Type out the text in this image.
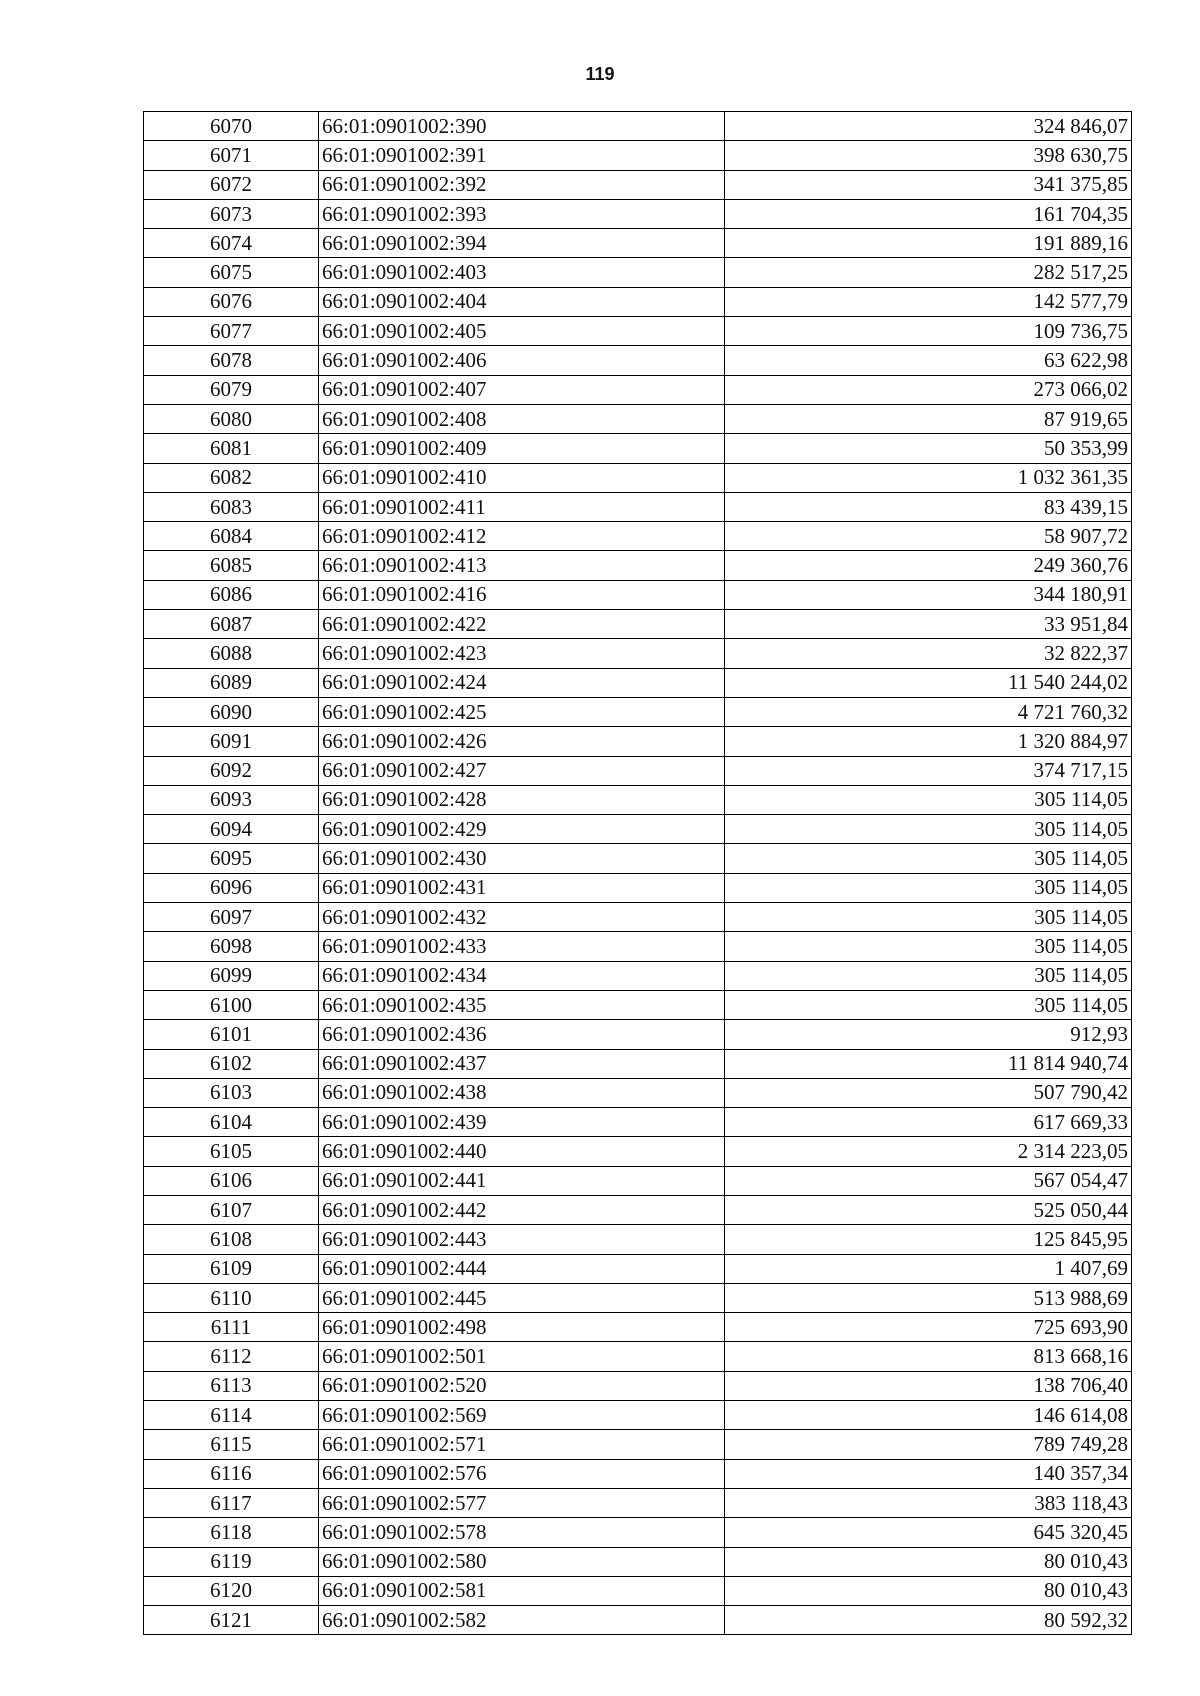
119
6070	66:01:0901002:390	324 846,07
6071	66:01:0901002:391	398 630,75
6072	66:01:0901002:392	341 375,85
6073	66:01:0901002:393	161 704,35
6074	66:01:0901002:394	191 889,16
6075	66:01:0901002:403	282 517,25
6076	66:01:0901002:404	142 577,79
6077	66:01:0901002:405	109 736,75
6078	66:01:0901002:406	63 622,98
6079	66:01:0901002:407	273 066,02
6080	66:01:0901002:408	87 919,65
6081	66:01:0901002:409	50 353,99
6082	66:01:0901002:410	1 032 361,35
6083	66:01:0901002:411	83 439,15
6084	66:01:0901002:412	58 907,72
6085	66:01:0901002:413	249 360,76
6086	66:01:0901002:416	344 180,91
6087	66:01:0901002:422	33 951,84
6088	66:01:0901002:423	32 822,37
6089	66:01:0901002:424	11 540 244,02
6090	66:01:0901002:425	4 721 760,32
6091	66:01:0901002:426	1 320 884,97
6092	66:01:0901002:427	374 717,15
6093	66:01:0901002:428	305 114,05
6094	66:01:0901002:429	305 114,05
6095	66:01:0901002:430	305 114,05
6096	66:01:0901002:431	305 114,05
6097	66:01:0901002:432	305 114,05
6098	66:01:0901002:433	305 114,05
6099	66:01:0901002:434	305 114,05
6100	66:01:0901002:435	305 114,05
6101	66:01:0901002:436	912,93
6102	66:01:0901002:437	11 814 940,74
6103	66:01:0901002:438	507 790,42
6104	66:01:0901002:439	617 669,33
6105	66:01:0901002:440	2 314 223,05
6106	66:01:0901002:441	567 054,47
6107	66:01:0901002:442	525 050,44
6108	66:01:0901002:443	125 845,95
6109	66:01:0901002:444	1 407,69
6110	66:01:0901002:445	513 988,69
6111	66:01:0901002:498	725 693,90
6112	66:01:0901002:501	813 668,16
6113	66:01:0901002:520	138 706,40
6114	66:01:0901002:569	146 614,08
6115	66:01:0901002:571	789 749,28
6116	66:01:0901002:576	140 357,34
6117	66:01:0901002:577	383 118,43
6118	66:01:0901002:578	645 320,45
6119	66:01:0901002:580	80 010,43
6120	66:01:0901002:581	80 010,43
6121	66:01:0901002:582	80 592,32
